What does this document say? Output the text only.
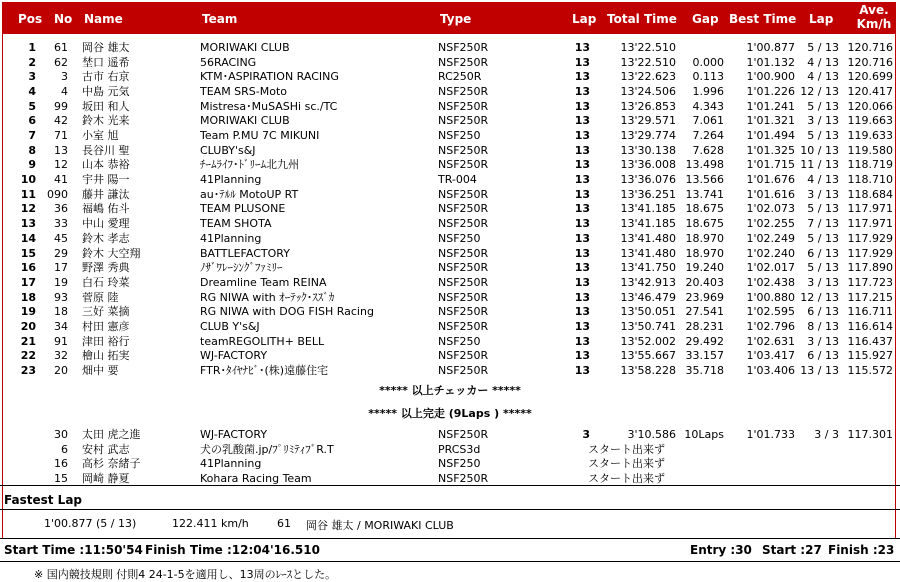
Pos No Name	Team	Type	Lap Total Time Gap Best Time Lap
Ave.
Km/h
1	61 岡谷 雄太	MORIWAKI CLUB	NSF250R	13	13'22.510	1'00.877	5 / 13 120.716
2	62 埜口 遥希	56RACING	NSF250R	13	13'22.510	0.000	1'01.132	4 / 13 120.716
3	3 古市 右京	KTM･ASPIRATION RACING	RC250R	13	13'22.623	0.113	1'00.900	4 / 13 120.699
4	4 中島 元気	TEAM SRS-Moto	NSF250R	13	13'24.506	1.996	1'01.226 12 / 13 120.417
5	99 坂田 和人	Mistresa･MuSASHi sc./TC	NSF250R	13	13'26.853	4.343	1'01.241	5 / 13 120.066
6	42 鈴木 光来	MORIWAKI CLUB	NSF250R	13	13'29.571	7.061	1'01.321	3 / 13 119.663
7	71 小室 旭	Team P.MU 7C MIKUNI	NSF250	13	13'29.774	7.264	1'01.494	5 / 13 119.633
8	13 長谷川 聖	CLUBY's&J	NSF250R	13	13'30.138	7.628	1'01.325 10 / 13 119.580
9	12 山本 恭裕	ﾁｰﾑﾗｲﾌ･ﾄﾞﾘｰﾑ北九州	NSF250R	13	13'36.008 13.498	1'01.715 11 / 13 118.719
10	41 宇井 陽一	41Planning	TR-004	13	13'36.076 13.566	1'01.676	4 / 13 118.710
11	090 藤井 謙汰	au･ﾃﾙﾙ MotoUP RT	NSF250R	13	13'36.251 13.741	1'01.616	3 / 13 118.684
12	36 福嶋 佑斗	TEAM PLUSONE	NSF250R	13	13'41.185 18.675	1'02.073	5 / 13 117.971
13	33 中山 愛理	TEAM SHOTA	NSF250R	13	13'41.185 18.675	1'02.255	7 / 13 117.971
14	45 鈴木 孝志	41Planning	NSF250	13	13'41.480 18.970	1'02.249	5 / 13 117.929
15	29 鈴木 大空翔	BATTLEFACTORY	NSF250R	13	13'41.480 18.970	1'02.240	6 / 13 117.929
16	17 野澤 秀典	ﾉｻﾞﾜﾚｰｼﾝｸﾞﾌｧﾐﾘｰ	NSF250R	13	13'41.750 19.240	1'02.017	5 / 13 117.890
17	19 白石 玲菜	Dreamline Team REINA	NSF250R	13	13'42.913 20.403	1'02.438	3 / 13 117.723
18	93 菅原 陸	RG NIWA with ｵｰﾃｯｸ･ｽｽﾞｶ	NSF250R	13	13'46.479 23.969	1'00.880 12 / 13 117.215
19	18 三好 菜摘	RG NIWA with DOG FISH Racing	NSF250R	13	13'50.051 27.541	1'02.595	6 / 13 116.711
20	34 村田 憲彦	CLUB Y's&J	NSF250R	13	13'50.741 28.231	1'02.796	8 / 13 116.614
21	91 津田 裕行	teamREGOLITH+ BELL	NSF250	13	13'52.002 29.492	1'02.631	3 / 13 116.437
22	32 檜山 拓実	WJ-FACTORY	NSF250R	13	13'55.667 33.157	1'03.417	6 / 13 115.927
23	20 畑中 要	FTR･ﾀｲﾔﾅﾋﾞ･(株)遠藤住宅	NSF250R	13	13'58.228 35.718	1'03.406 13 / 13 115.572
***** 以上チェッカー *****
***** 以上完走 (9Laps ) *****
30 太田 虎之進	WJ-FACTORY	NSF250R	3	3'10.586 10Laps	1'01.733	3 / 3 117.301
6 安村 武志	犬の乳酸菌.jp/ﾌﾟﾘﾐﾃｨﾌﾞR.T	PRCS3d	スタート出来ず
16 高杉 奈緒子	41Planning	NSF250	スタート出来ず
15 岡崎 静夏	Kohara Racing Team	NSF250R	スタート出来ず
Fastest Lap
1'00.877 (5 / 13)	122.411 km/h	61 岡谷 雄太 / MORIWAKI CLUB
Start Time :11:50'54 Finish Time :12:04'16.510	Entry :30 Start :27 Finish :23
※ 国内競技規則 付則4 24-1-5を適用し、13周のﾚｰｽとした。
